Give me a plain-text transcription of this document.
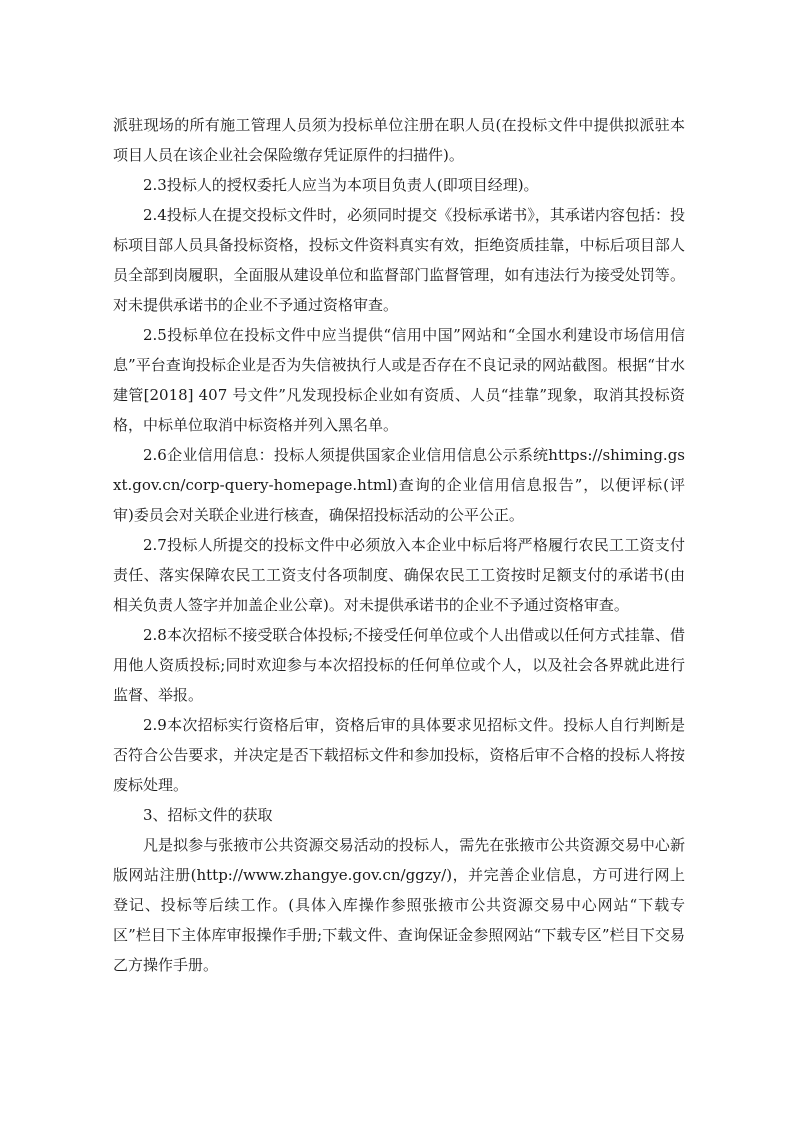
派驻现场的所有施工管理人员须为投标单位注册在职人员(在投标文件中提供拟派驻本项目人员在该企业社会保险缴存凭证原件的扫描件)。

2.3投标人的授权委托人应当为本项目负责人(即项目经理)。

2.4投标人在提交投标文件时，必须同时提交《投标承诺书》，其承诺内容包括：投标项目部人员具备投标资格，投标文件资料真实有效，拒绝资质挂靠，中标后项目部人员全部到岗履职，全面服从建设单位和监督部门监督管理，如有违法行为接受处罚等。对未提供承诺书的企业不予通过资格审查。

2.5投标单位在投标文件中应当提供“信用中国”网站和“全国水利建设市场信用信息”平台查询投标企业是否为失信被执行人或是否存在不良记录的网站截图。根据“甘水建管[2018] 407 号文件”凡发现投标企业如有资质、人员“挂靠”现象，取消其投标资格，中标单位取消中标资格并列入黑名单。

2.6企业信用信息：投标人须提供国家企业信用信息公示系统https://shiming.gsxt.gov.cn/corp-query-homepage.html)查询的企业信用信息报告”，以便评标(评审)委员会对关联企业进行核查，确保招投标活动的公平公正。

2.7投标人所提交的投标文件中必须放入本企业中标后将严格履行农民工工资支付责任、落实保障农民工工资支付各项制度、确保农民工工资按时足额支付的承诺书(由相关负责人签字并加盖企业公章)。对未提供承诺书的企业不予通过资格审查。

2.8本次招标不接受联合体投标;不接受任何单位或个人出借或以任何方式挂靠、借用他人资质投标;同时欢迎参与本次招投标的任何单位或个人，以及社会各界就此进行监督、举报。

2.9本次招标实行资格后审，资格后审的具体要求见招标文件。投标人自行判断是否符合公告要求，并决定是否下载招标文件和参加投标，资格后审不合格的投标人将按废标处理。

3、招标文件的获取

凡是拟参与张掖市公共资源交易活动的投标人，需先在张掖市公共资源交易中心新版网站注册(http://www.zhangye.gov.cn/ggzy/)，并完善企业信息，方可进行网上登记、投标等后续工作。(具体入库操作参照张掖市公共资源交易中心网站“下载专区”栏目下主体库审报操作手册;下载文件、查询保证金参照网站“下载专区”栏目下交易乙方操作手册。
